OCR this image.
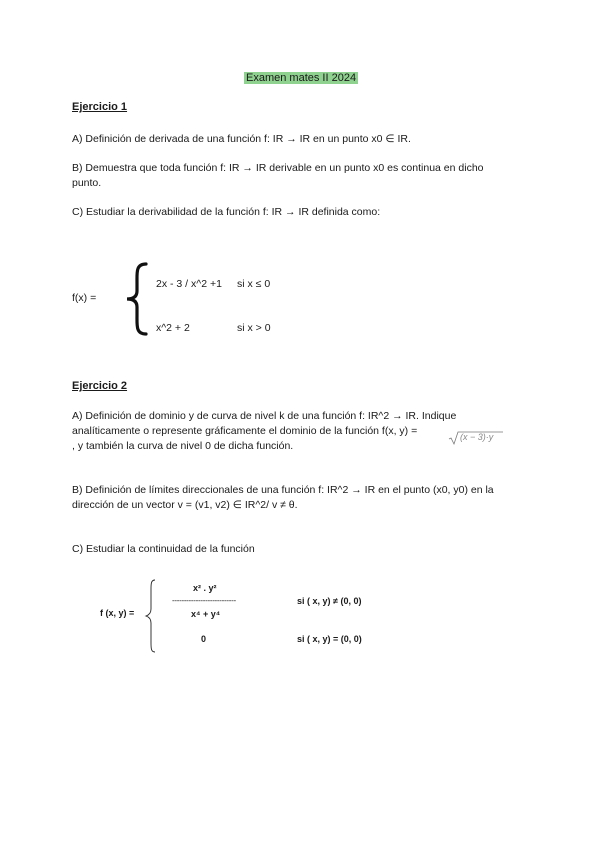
Examen mates II 2024
Ejercicio 1
A) Definición de derivada de una función f: IR → IR en un punto x0 ∈ IR.
B) Demuestra que toda función f: IR → IR derivable en un punto x0 es continua en dicho
punto.
C) Estudiar la derivabilidad de la función f: IR → IR definida como:
f(x) =
2x - 3 / x^2 +1 si x ≤ 0
x^2 + 2	si x > 0
Ejercicio 2
A) Definición de dominio y de curva de nivel k de una función f: IR^2 → IR. Indique
analíticamente o represente gráficamente el dominio de la función f(x, y) =
, y también la curva de nivel 0 de dicha función.
(x − 3)·y
B) Definición de límites direccionales de una función f: IR^2 → IR en el punto (x0, y0) en la
dirección de un vector v = (v1, v2) ∈ IR^2/ v ≠ θ.
C) Estudiar la continuidad de la función
f (x, y) =
x² . y²
---------------------------
x⁴ + y⁴
si ( x, y) ≠ (0, 0)
0	si ( x, y) = (0, 0)
